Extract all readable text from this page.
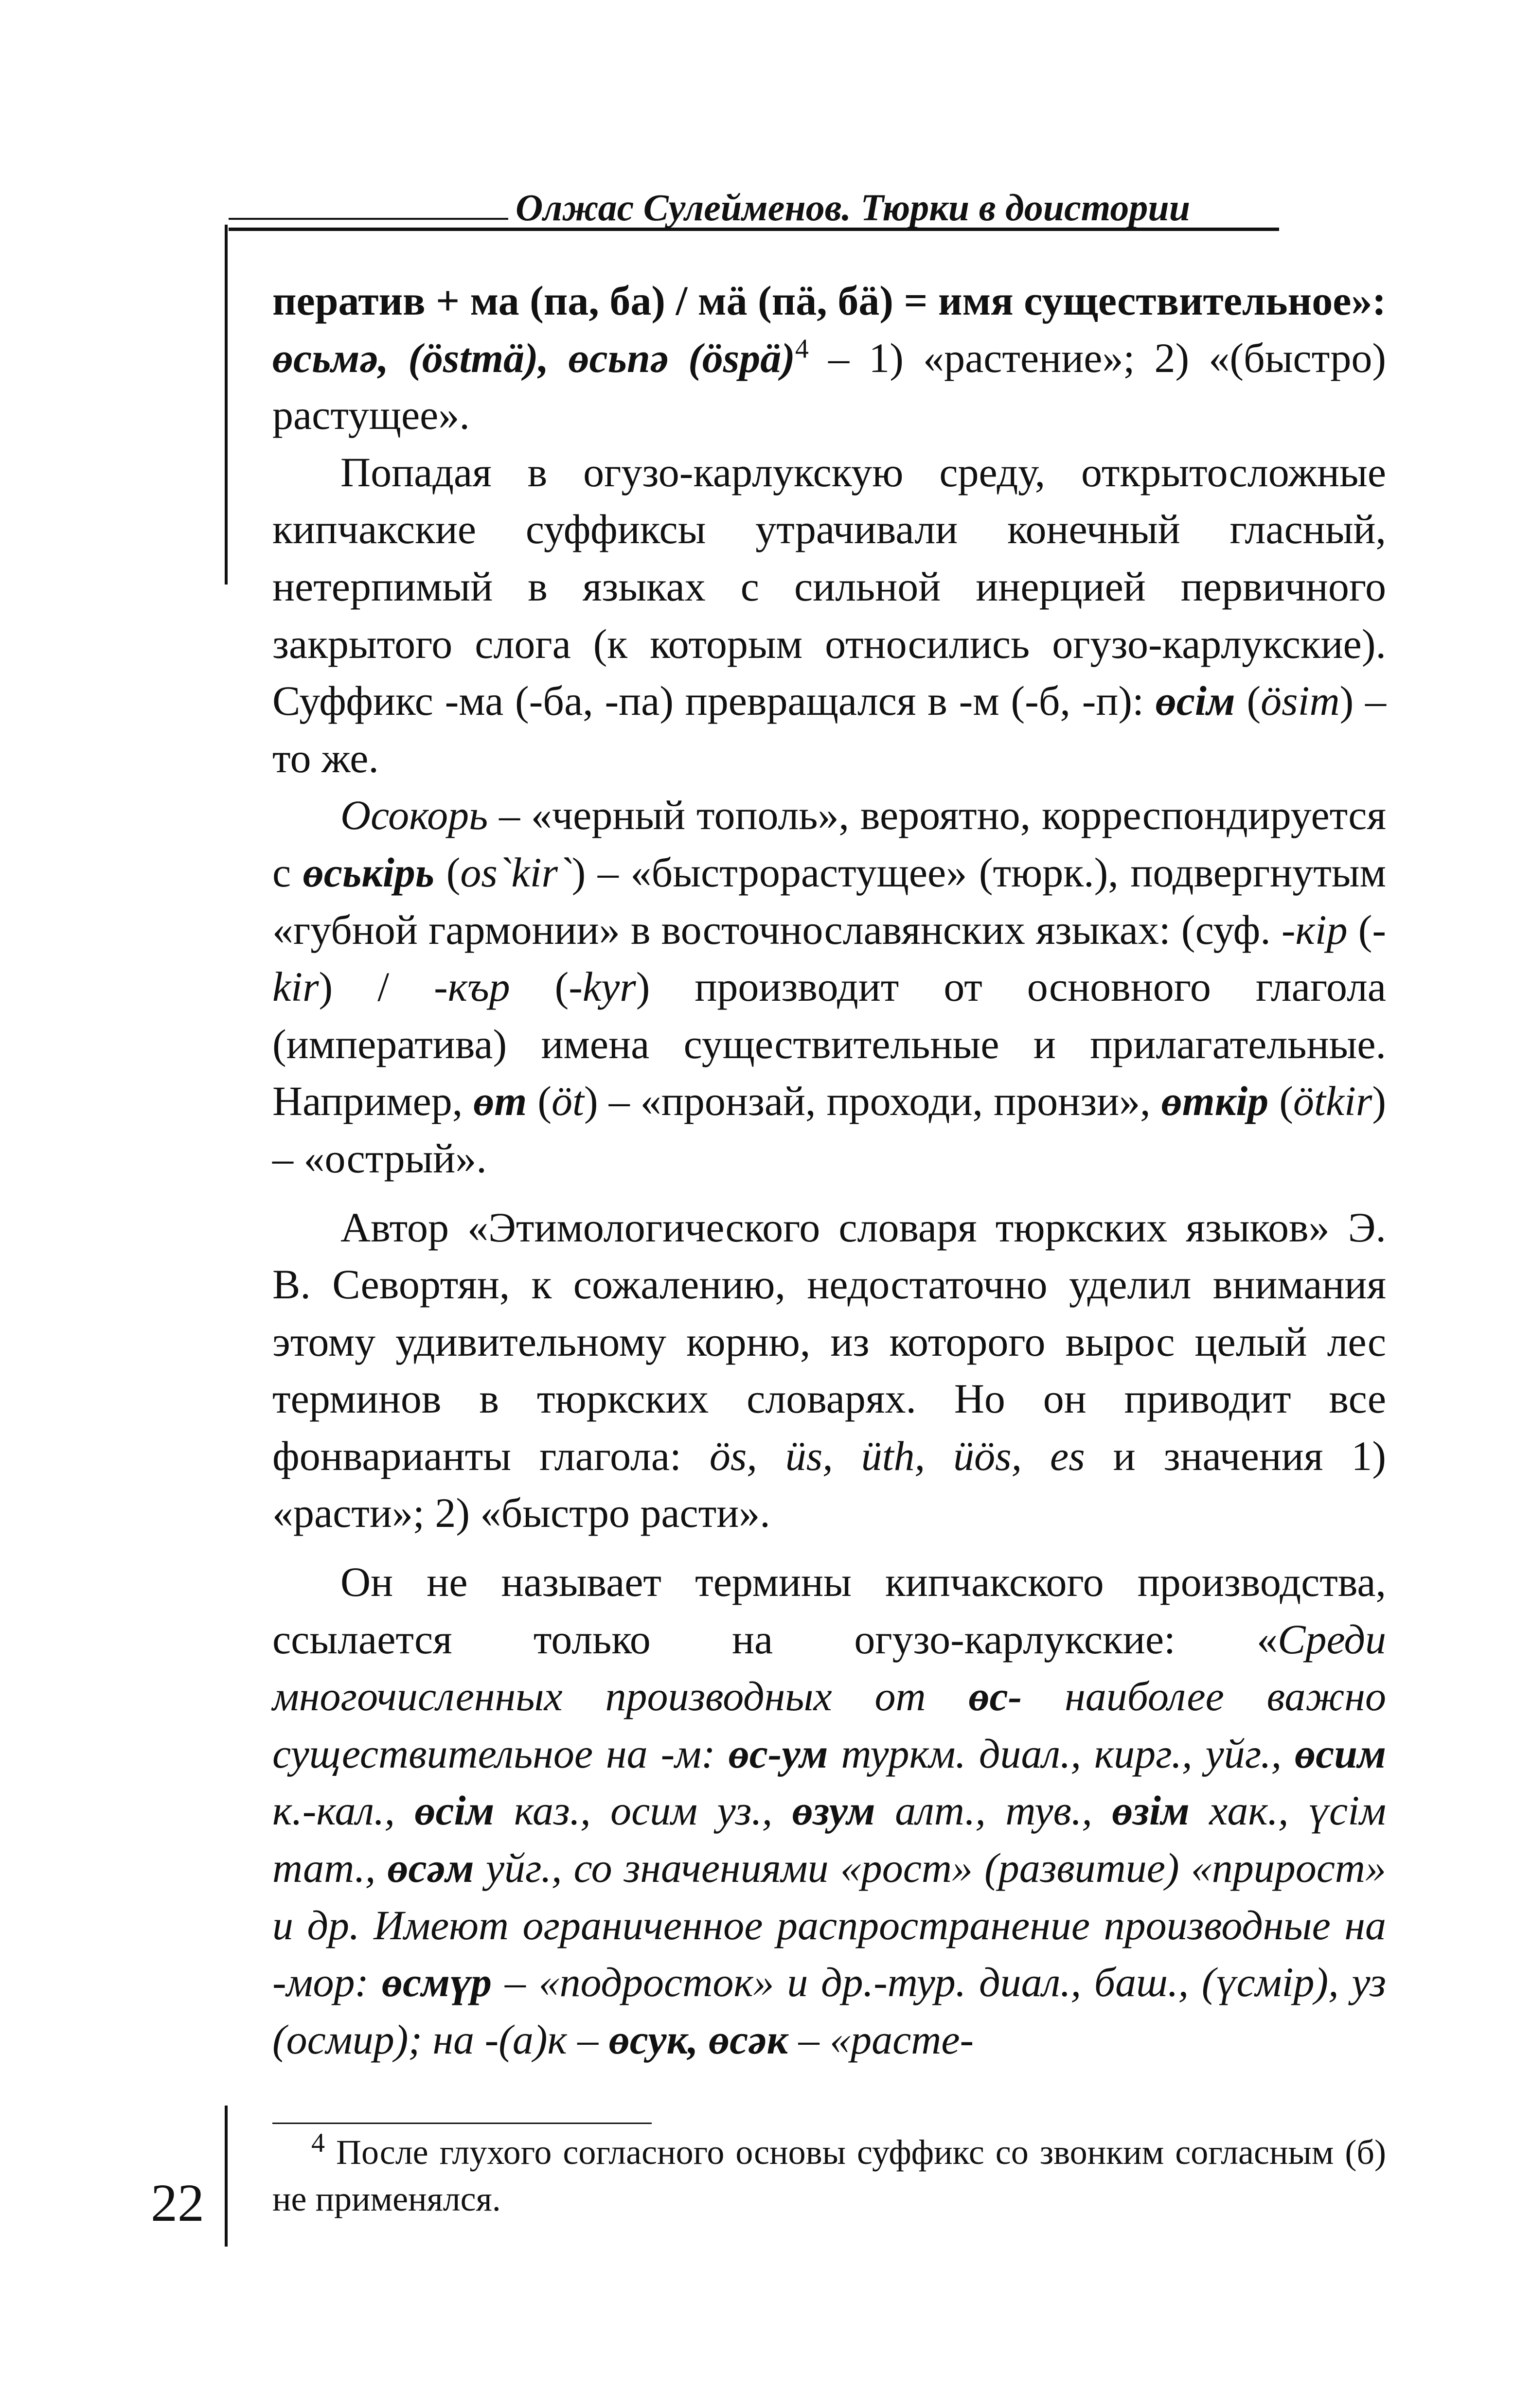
Олжас Сулейменов. Тюрки в доистории

ператив + ма (па, ба) / мӓ (пӓ, бӓ) = имя существительное»: өсьмә, (östmä), өсьпә (öspä)$^4$ – 1) «растение»; 2) «(быстро) растущее».

Попадая в огузо-карлукскую среду, открытосложные кипчакские суффиксы утрачивали конечный гласный, нетерпимый в языках с сильной инерцией первичного закрытого слога (к которым относились огузо-карлукские). Суффикс -ма (-ба, -па) превращался в -м (-б, -п): өсім (ösim) – то же.

Осокорь – «черный тополь», вероятно, корреспондируется с өськірь (os`kir`) – «быстрорастущее» (тюрк.), подвергнутым «губной гармонии» в восточнославянских языках: (суф. -кір (-kir) / -кър (-kyr) производит от основного глагола (императива) имена существительные и прилагательные. Например, өт (öt) – «пронзай, проходи, пронзи», өткір (ötkir) – «острый».

Автор «Этимологического словаря тюркских языков» Э. В. Севортян, к сожалению, недостаточно уделил внимания этому удивительному корню, из которого вырос целый лес терминов в тюркских словарях. Но он приводит все фонварианты глагола: ös, üs, üth, üös, es и значения 1) «расти»; 2) «быстро расти».

Он не называет термины кипчакского производства, ссылается только на огузо-карлукские: «Среди многочисленных производных от өс- наиболее важно существительное на -м: өс-ум туркм. диал., кирг., уйг., өсим к.-кал., өсім каз., осим уз., өзум алт., тув., өзім хак., үсім тат., өсәм уйг., со значениями «рост» (развитие) «прирост» и др. Имеют ограниченное распространение производные на -мор: өсмүр – «подросток» и др.-тур. диал., баш., (үсмір), уз (осмир); на -(а)к – өсук, өсәк – «расте-

$^4$ После глухого согласного основы суффикс со звонким согласным (б) не применялся.

22
